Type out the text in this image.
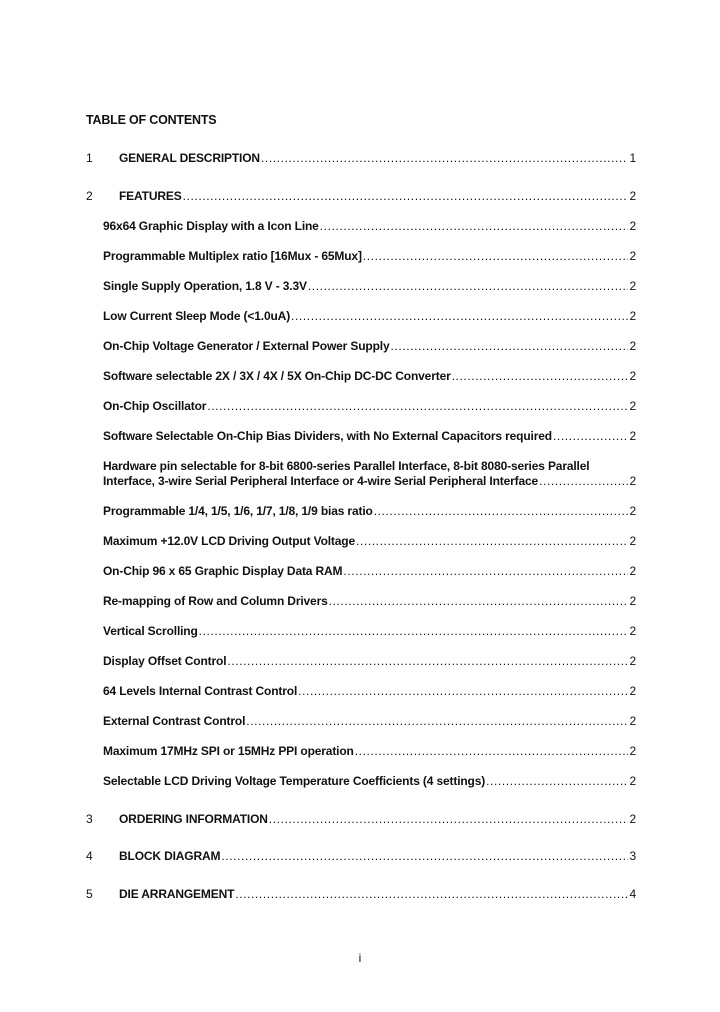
TABLE OF CONTENTS
1	GENERAL DESCRIPTION .....	1
2	FEATURES .....	2
96x64 Graphic Display with a Icon Line .....	2
Programmable Multiplex ratio [16Mux - 65Mux] .....	2
Single Supply Operation, 1.8 V - 3.3V .....	2
Low Current Sleep Mode (<1.0uA) .....	2
On-Chip Voltage Generator / External Power Supply .....	2
Software selectable 2X / 3X / 4X / 5X On-Chip DC-DC Converter .....	2
On-Chip Oscillator .....	2
Software Selectable On-Chip Bias Dividers, with No External Capacitors required .....	2
Hardware pin selectable for 8-bit 6800-series Parallel Interface, 8-bit 8080-series Parallel
Interface, 3-wire Serial Peripheral Interface or 4-wire Serial Peripheral Interface .....	2
Programmable 1/4, 1/5, 1/6, 1/7, 1/8, 1/9 bias ratio .....	2
Maximum +12.0V LCD Driving Output Voltage .....	2
On-Chip 96 x 65 Graphic Display Data RAM .....	2
Re-mapping of Row and Column Drivers .....	2
Vertical Scrolling .....	2
Display Offset Control .....	2
64 Levels Internal Contrast Control .....	2
External Contrast Control .....	2
Maximum 17MHz SPI or 15MHz PPI operation .....	2
Selectable LCD Driving Voltage Temperature Coefficients (4 settings) .....	2
3	ORDERING INFORMATION .....	2
4	BLOCK DIAGRAM .....	3
5	DIE ARRANGEMENT .....	4
i
